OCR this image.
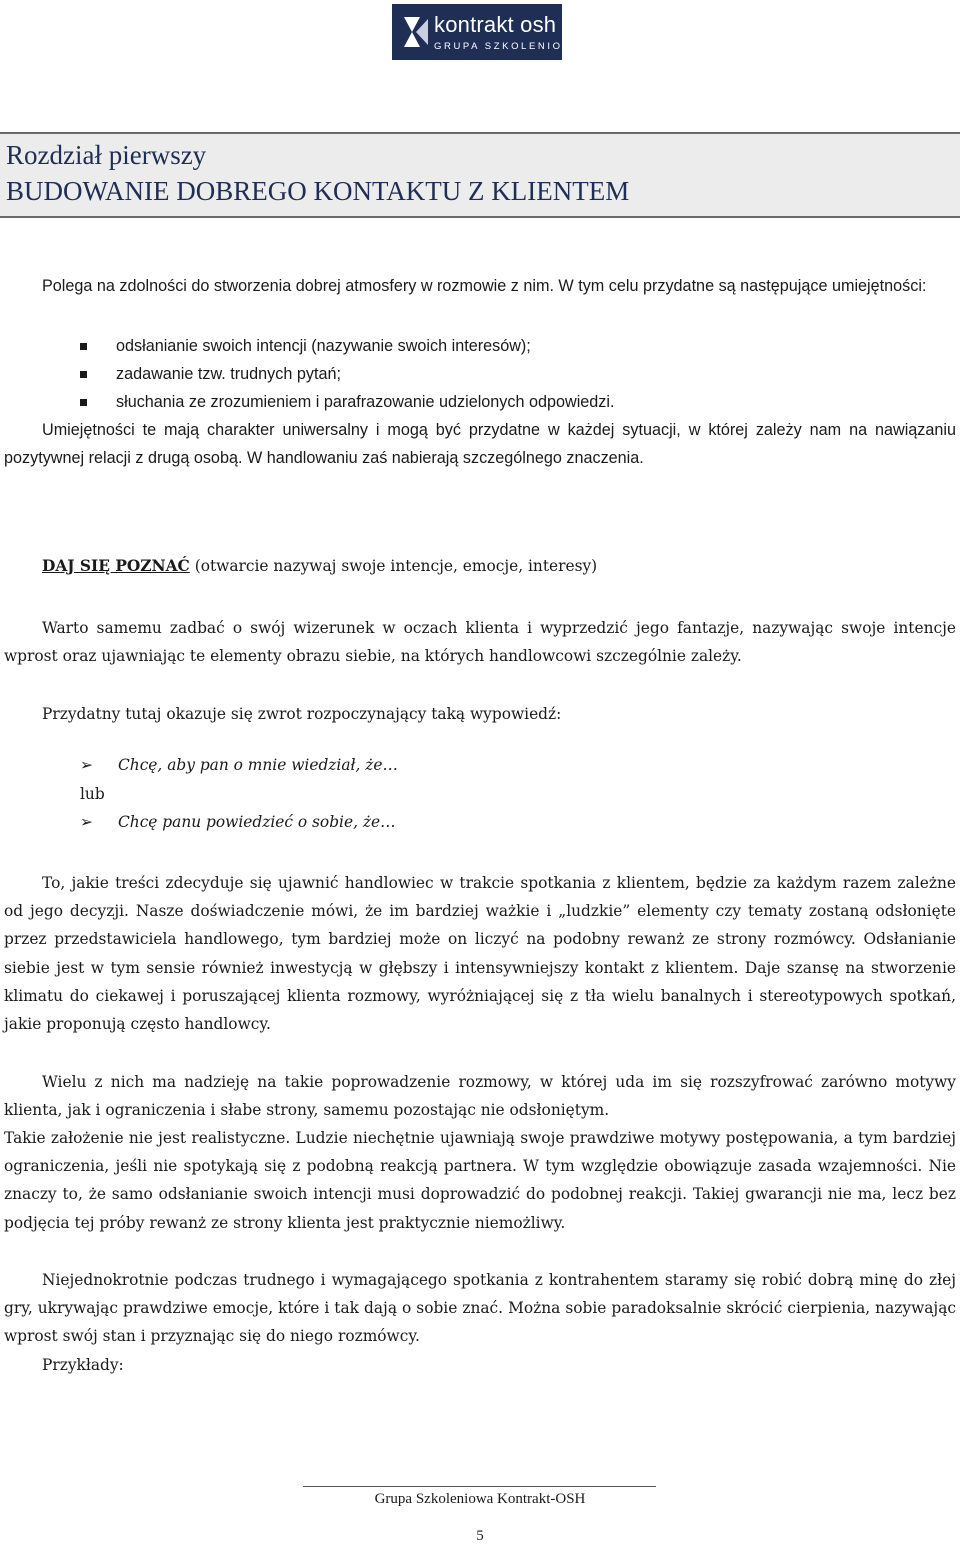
kontrakt osh
GRUPA SZKOLENIOWA
Rozdział pierwszy
BUDOWANIE DOBREGO KONTAKTU Z KLIENTEM
Polega na zdolności do stworzenia dobrej atmosfery w rozmowie z nim. W tym celu przydatne są następujące umiejętności:
odsłanianie swoich intencji (nazywanie swoich interesów);
zadawanie tzw. trudnych pytań;
słuchania ze zrozumieniem i parafrazowanie udzielonych odpowiedzi.
Umiejętności te mają charakter uniwersalny i mogą być przydatne w każdej sytuacji, w której zależy nam na nawiązaniu pozytywnej relacji z drugą osobą. W handlowaniu zaś nabierają szczególnego znaczenia.
DAJ SIĘ POZNAĆ (otwarcie nazywaj swoje intencje, emocje, interesy)
Warto samemu zadbać o swój wizerunek w oczach klienta i wyprzedzić jego fantazje, nazywając swoje intencje wprost oraz ujawniając te elementy obrazu siebie, na których handlowcowi szczególnie zależy.
Przydatny tutaj okazuje się zwrot rozpoczynający taką wypowiedź:
➢ Chcę, aby pan o mnie wiedział, że…
lub
➢ Chcę panu powiedzieć o sobie, że…
To, jakie treści zdecyduje się ujawnić handlowiec w trakcie spotkania z klientem, będzie za każdym razem zależne od jego decyzji. Nasze doświadczenie mówi, że im bardziej ważkie i „ludzkie” elementy czy tematy zostaną odsłonięte przez przedstawiciela handlowego, tym bardziej może on liczyć na podobny rewanż ze strony rozmówcy. Odsłanianie siebie jest w tym sensie również inwestycją w głębszy i intensywniejszy kontakt z klientem. Daje szansę na stworzenie klimatu do ciekawej i poruszającej klienta rozmowy, wyróżniającej się z tła wielu banalnych i stereotypowych spotkań, jakie proponują często handlowcy.
Wielu z nich ma nadzieję na takie poprowadzenie rozmowy, w której uda im się rozszyfrować zarówno motywy klienta, jak i ograniczenia i słabe strony, samemu pozostając nie odsłoniętym.
Takie założenie nie jest realistyczne. Ludzie niechętnie ujawniają swoje prawdziwe motywy postępowania, a tym bardziej ograniczenia, jeśli nie spotykają się z podobną reakcją partnera. W tym względzie obowiązuje zasada wzajemności. Nie znaczy to, że samo odsłanianie swoich intencji musi doprowadzić do podobnej reakcji. Takiej gwarancji nie ma, lecz bez podjęcia tej próby rewanż ze strony klienta jest praktycznie niemożliwy.
Niejednokrotnie podczas trudnego i wymagającego spotkania z kontrahentem staramy się robić dobrą minę do złej gry, ukrywając prawdziwe emocje, które i tak dają o sobie znać. Można sobie paradoksalnie skrócić cierpienia, nazywając wprost swój stan i przyznając się do niego rozmówcy.
Przykłady:
Grupa Szkoleniowa Kontrakt-OSH
5
